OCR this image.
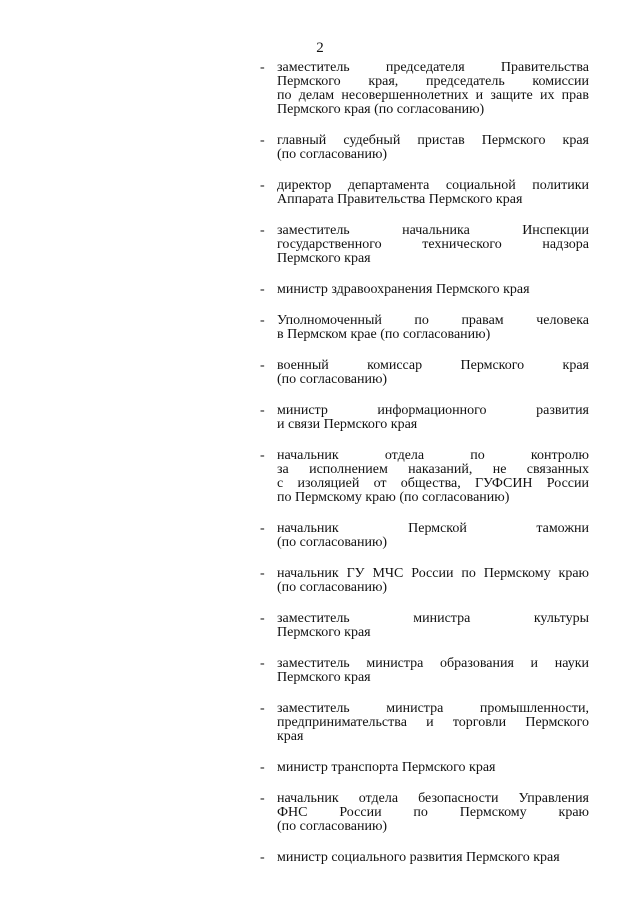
2
- заместитель председателя Правительства
Пермского края, председатель комиссии
по делам несовершеннолетних и защите их прав
Пермского края (по согласованию)
- главный судебный пристав Пермского края
(по согласованию)
- директор департамента социальной политики
Аппарата Правительства Пермского края
- заместитель начальника Инспекции
государственного технического надзора
Пермского края
- министр здравоохранения Пермского края
- Уполномоченный по правам человека
в Пермском крае (по согласованию)
- военный комиссар Пермского края
(по согласованию)
- министр информационного развития
и связи Пермского края
- начальник отдела по контролю
за исполнением наказаний, не связанных
с изоляцией от общества, ГУФСИН России
по Пермскому краю (по согласованию)
- начальник Пермской таможни
(по согласованию)
- начальник ГУ МЧС России по Пермскому краю
(по согласованию)
- заместитель министра культуры
Пермского края
- заместитель министра образования и науки
Пермского края
- заместитель министра промышленности,
предпринимательства и торговли Пермского
края
- министр транспорта Пермского края
- начальник отдела безопасности Управления
ФНС России по Пермскому краю
(по согласованию)
- министр социального развития Пермского края
